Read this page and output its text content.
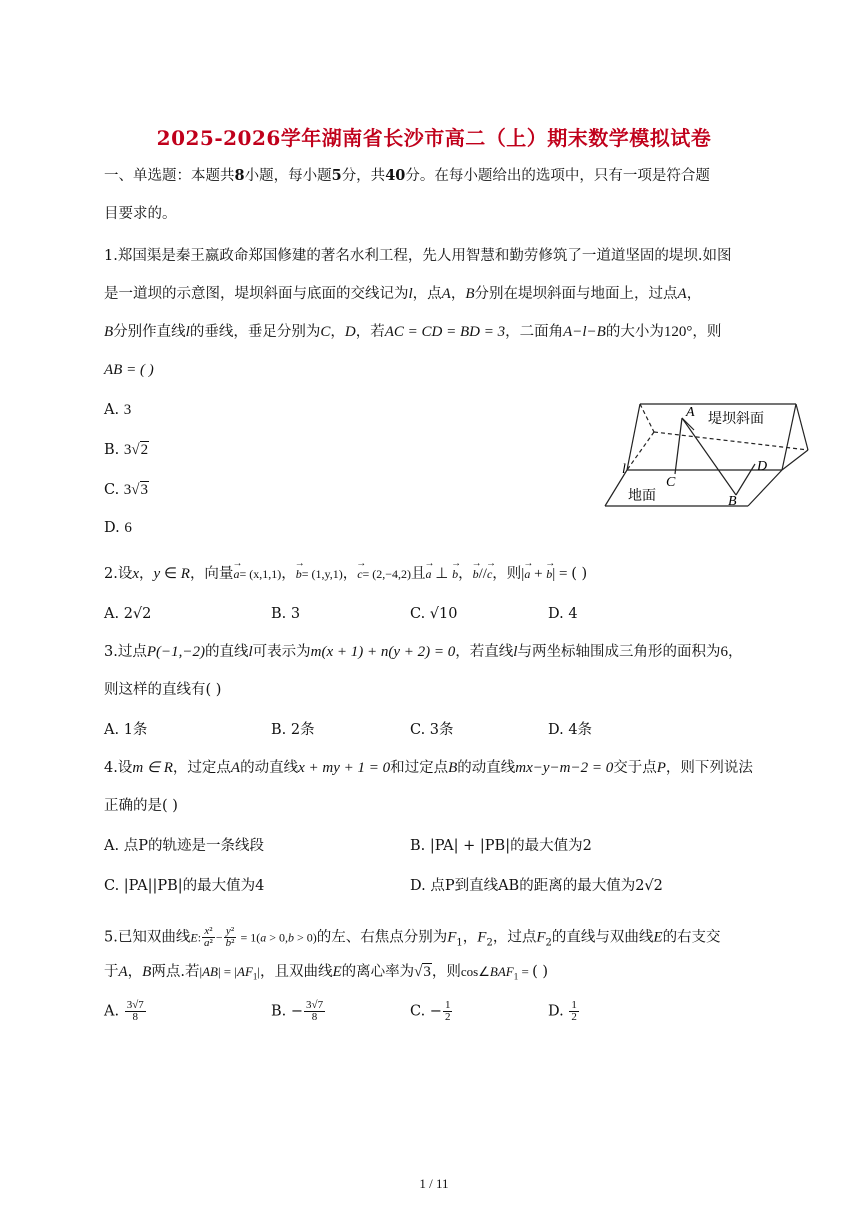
2025-2026学年湖南省长沙市高二（上）期末数学模拟试卷
一、单选题：本题共8小题，每小题5分，共40分。在每小题给出的选项中，只有一项是符合题
目要求的。
1.郑国渠是秦王嬴政命郑国修建的著名水利工程，先人用智慧和勤劳修筑了一道道坚固的堤坝.如图
是一道坝的示意图，堤坝斜面与底面的交线记为l，点A，B分别在堤坝斜面与地面上，过点A，
B分别作直线l的垂线，垂足分别为C，D，若AC = CD = BD = 3，二面角A−l−B的大小为120°，则
AB = ( )
A. 3
B. 3√2
C. 3√3
D. 6
A
B
C
D
l
堤坝斜面
地面
2.设x，y ∈ R，向量→ a= (x,1,1)，→ b= (1,y,1)，→ c= (2,−4,2)且→ a ⊥ → b，→ b//→ c，则|→ a + → b| = ( )
A. 2√2	B. 3	C. √10	D. 4
3.过点P(−1,−2)的直线l可表示为m(x + 1) + n(y + 2) = 0，若直线l与两坐标轴围成三角形的面积为6，
则这样的直线有( )
A. 1条	B. 2条	C. 3条	D. 4条
4.设m ∈ R，过定点A的动直线x + my + 1 = 0和过定点B的动直线mx−y−m−2 = 0交于点P，则下列说法
正确的是( )
A. 点P的轨迹是一条线段	B. |PA| + |PB|的最大值为2
C. |PA||PB|的最大值为4	D. 点P到直线AB的距离的最大值为2√2
5.已知双曲线E: $\frac{\text{x²}}{\text{a²}} - \frac{\text{y²}}{\text{b²}} = 1(a > 0,b > 0)$的左、右焦点分别为$F_1$，$F_2$，过点$F_2$的直线与双曲线E的右支交
于A，B两点.若$|AB| = |AF_1|$，且双曲线E的离心率为√3，则$\cos\angle BAF_1$ = ( )
A. $\frac{3√7}{8}$	B. − $\frac{3√7}{8}$	C. − $\frac{1}{2}$	D. $\frac{1}{2}$
1 / 11
